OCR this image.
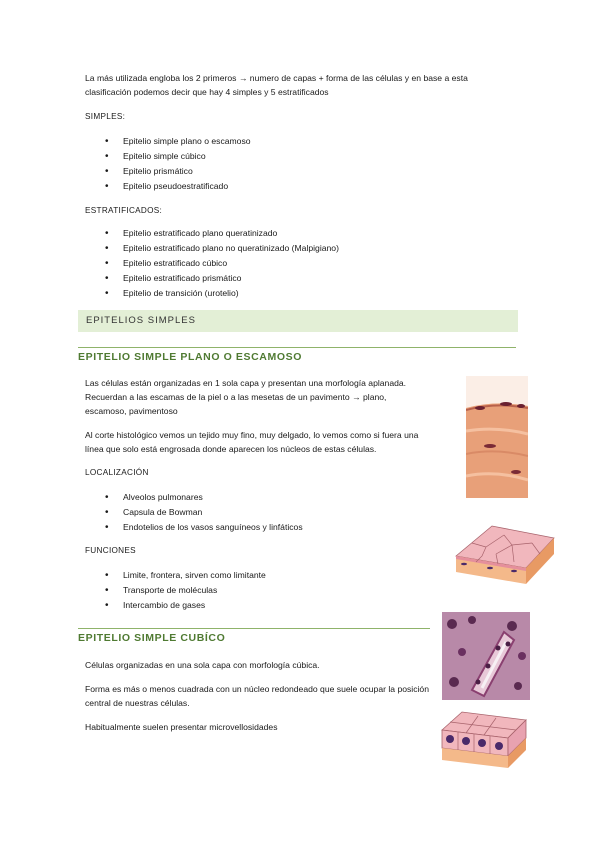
La más utilizada engloba los 2 primeros → numero de capas + forma de las células y en base a esta clasificación podemos decir que hay 4 simples y 5 estratificados

SIMPLES:

• Epitelio simple plano o escamoso
• Epitelio simple cúbico
• Epitelio prismático
• Epitelio pseudoestratificado

ESTRATIFICADOS:

• Epitelio estratificado plano queratinizado
• Epitelio estratificado plano no queratinizado (Malpigiano)
• Epitelio estratificado cúbico
• Epitelio estratificado prismático
• Epitelio de transición (urotelio)
EPITELIOS SIMPLES
EPITELIO SIMPLE PLANO O ESCAMOSO

Las células están organizadas en 1 sola capa y presentan una morfología aplanada. Recuerdan a las escamas de la piel o a las mesetas de un pavimento → plano, escamoso, pavimentoso

Al corte histológico vemos un tejido muy fino, muy delgado, lo vemos como si fuera una línea que solo está engrosada donde aparecen los núcleos de estas células.

LOCALIZACIÓN

• Alveolos pulmonares
• Capsula de Bowman
• Endotelios de los vasos sanguíneos y linfáticos

FUNCIONES

• Limite, frontera, sirven como limitante
• Transporte de moléculas
• Intercambio de gases
EPITELIO SIMPLE CUBÍCO

Células organizadas en una sola capa con morfología cúbica.

Forma es más o menos cuadrada con un núcleo redondeado que suele ocupar la posición central de nuestras células.

Habitualmente suelen presentar microvellosidades
